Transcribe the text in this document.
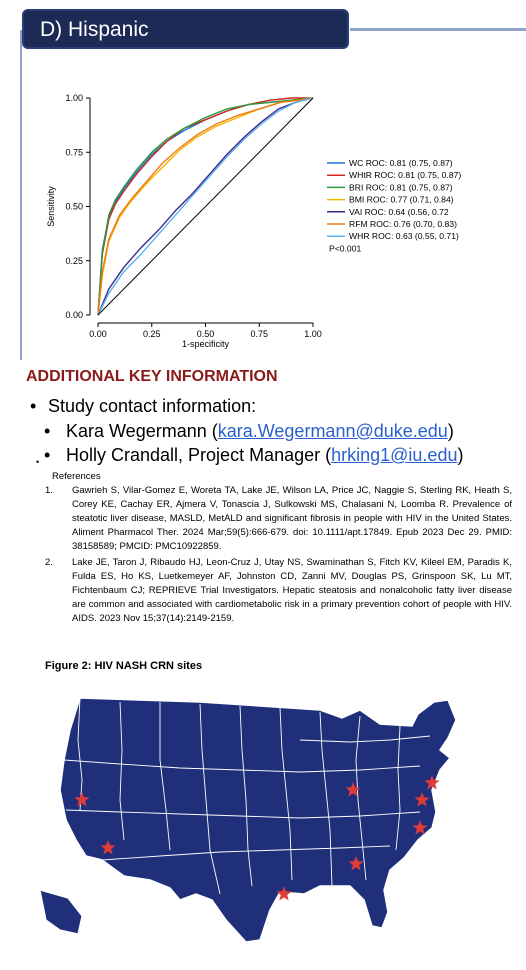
D) Hispanic
0.00	0.25	0.50	0.75	1.00
0.00
0.25
0.50
0.75
1.00
1-specificity
Sensitivity
WC ROC: 0.81 (0.75, 0.87)
WHtR ROC: 0.81 (0.75, 0.87)
BRI ROC: 0.81 (0.75, 0.87)
BMI ROC: 0.77 (0.71, 0.84)
VAI ROC: 0.64 (0.56, 0.72
RFM ROC: 0.76 (0.70, 0.83)
WHR ROC: 0.63 (0.55, 0.71)
P<0.001
ADDITIONAL KEY INFORMATION
• Study contact information:
• Kara Wegermann (kara.Wegermann@duke.edu)
• Holly Crandall, Project Manager (hrking1@iu.edu)
•
References
1. Gawrieh S, Vilar-Gomez E, Woreta TA, Lake JE, Wilson LA, Price JC, Naggie S, Sterling RK, Heath S, Corey KE, Cachay ER, Ajmera V, Tonascia J, Sulkowski MS, Chalasani N, Loomba R. Prevalence of steatotic liver disease, MASLD, MetALD and significant fibrosis in people with HIV in the United States. Aliment Pharmacol Ther. 2024 Mar;59(5):666-679. doi: 10.1111/apt.17849. Epub 2023 Dec 29. PMID: 38158589; PMCID: PMC10922859.
2. Lake JE, Taron J, Ribaudo HJ, Leon-Cruz J, Utay NS, Swaminathan S, Fitch KV, Kileel EM, Paradis K, Fulda ES, Ho KS, Luetkemeyer AF, Johnston CD, Zanni MV, Douglas PS, Grinspoon SK, Lu MT, Fichtenbaum CJ; REPRIEVE Trial Investigators. Hepatic steatosis and nonalcoholic fatty liver disease are common and associated with cardiometabolic risk in a primary prevention cohort of people with HIV. AIDS. 2023 Nov 15;37(14):2149-2159.
Figure 2: HIV NASH CRN sites
